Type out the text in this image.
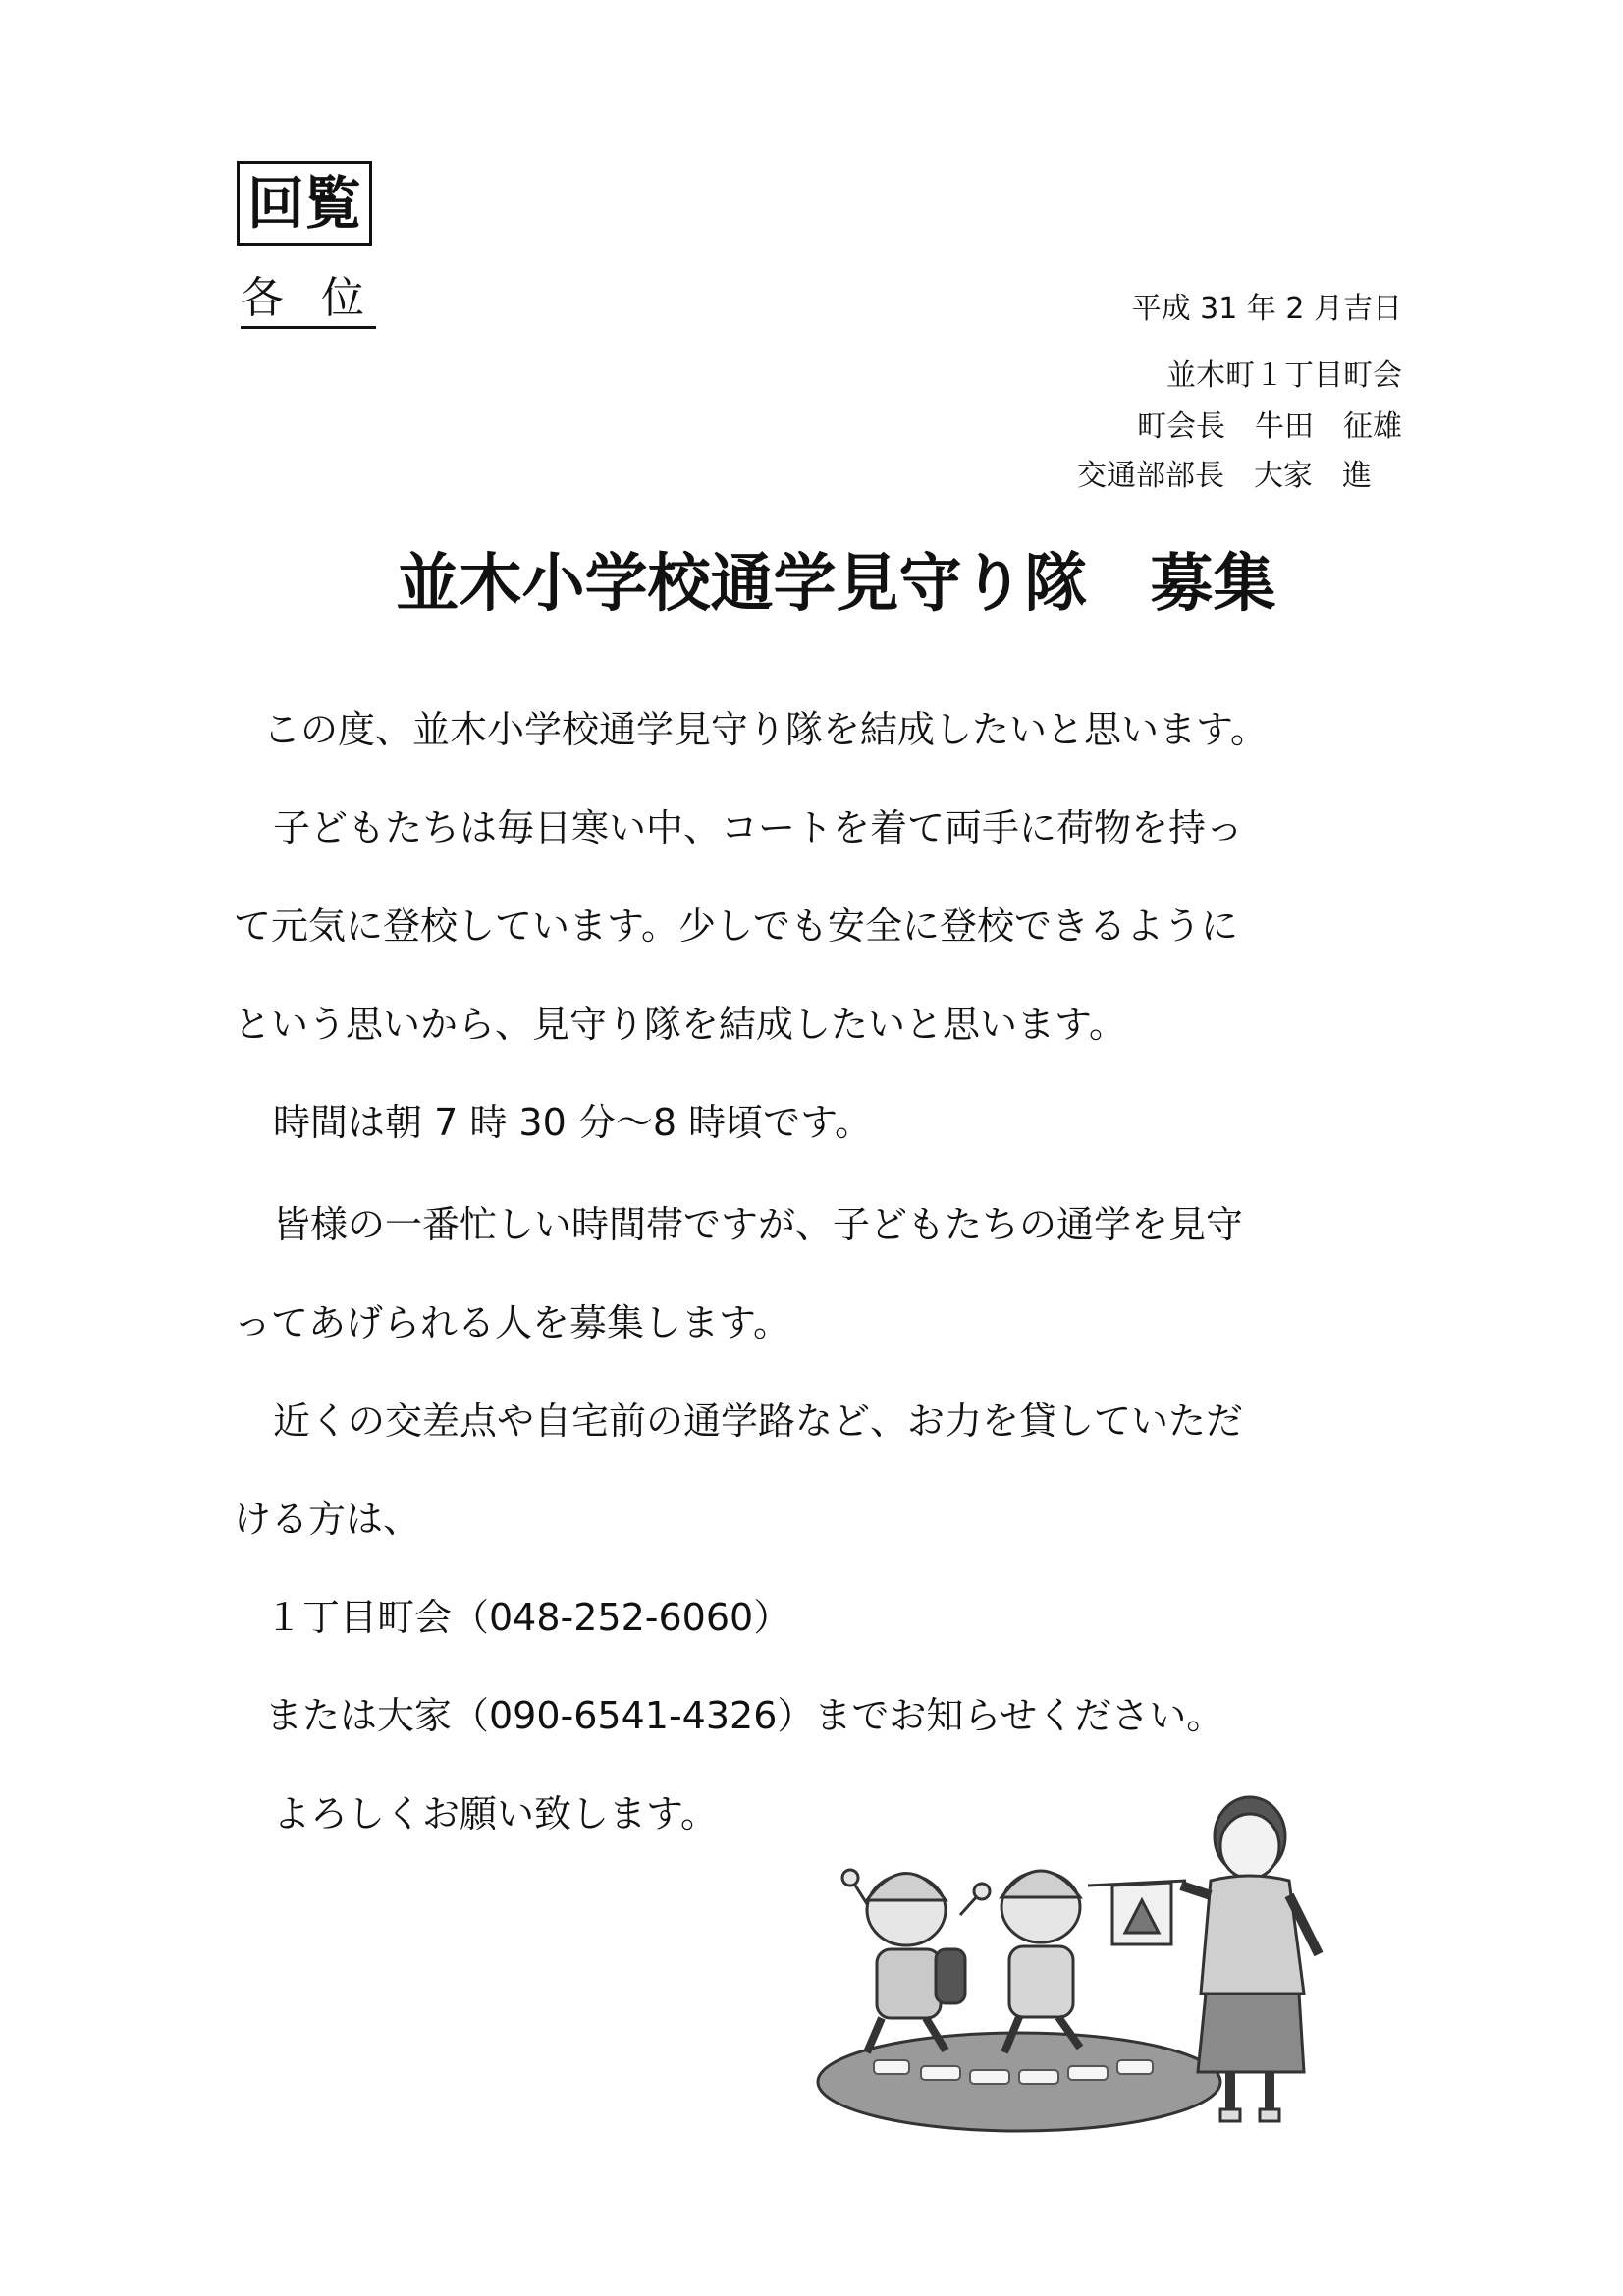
回覧
各 位	平成 31 年 2 月吉日
並木町１丁目町会
町会長　牛田　征雄
交通部部長　大家　進
並木小学校通学見守り隊　募集
この度、並木小学校通学見守り隊を結成したいと思います。
子どもたちは毎日寒い中、コートを着て両手に荷物を持っ
て元気に登校しています。少しでも安全に登校できるように
という思いから、見守り隊を結成したいと思います。
時間は朝 7 時 30 分～8 時頃です。
皆様の一番忙しい時間帯ですが、子どもたちの通学を見守
ってあげられる人を募集します。
近くの交差点や自宅前の通学路など、お力を貸していただ
ける方は、
１丁目町会（048-252-6060）
または大家（090-6541-4326）までお知らせください。
よろしくお願い致します。
